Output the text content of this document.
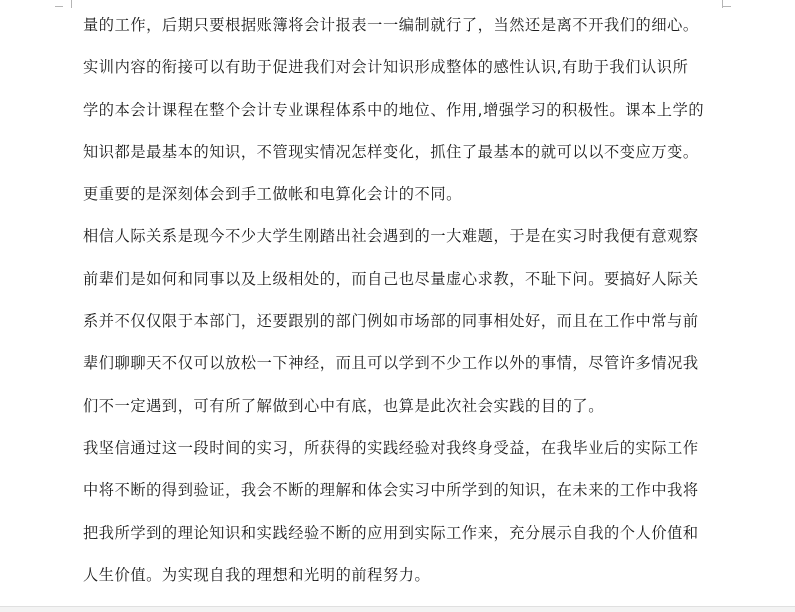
量的工作，后期只要根据账簿将会计报表一一编制就行了，当然还是离不开我们的细心。
实训内容的衔接可以有助于促进我们对会计知识形成整体的感性认识,有助于我们认识所
学的本会计课程在整个会计专业课程体系中的地位、作用,增强学习的积极性。课本上学的
知识都是最基本的知识，不管现实情况怎样变化，抓住了最基本的就可以以不变应万变。
更重要的是深刻体会到手工做帐和电算化会计的不同。
相信人际关系是现今不少大学生刚踏出社会遇到的一大难题，于是在实习时我便有意观察
前辈们是如何和同事以及上级相处的，而自己也尽量虚心求教，不耻下问。要搞好人际关
系并不仅仅限于本部门，还要跟别的部门例如市场部的同事相处好，而且在工作中常与前
辈们聊聊天不仅可以放松一下神经，而且可以学到不少工作以外的事情，尽管许多情况我
们不一定遇到，可有所了解做到心中有底，也算是此次社会实践的目的了。
我坚信通过这一段时间的实习，所获得的实践经验对我终身受益，在我毕业后的实际工作
中将不断的得到验证，我会不断的理解和体会实习中所学到的知识，在未来的工作中我将
把我所学到的理论知识和实践经验不断的应用到实际工作来，充分展示自我的个人价值和
人生价值。为实现自我的理想和光明的前程努力。
